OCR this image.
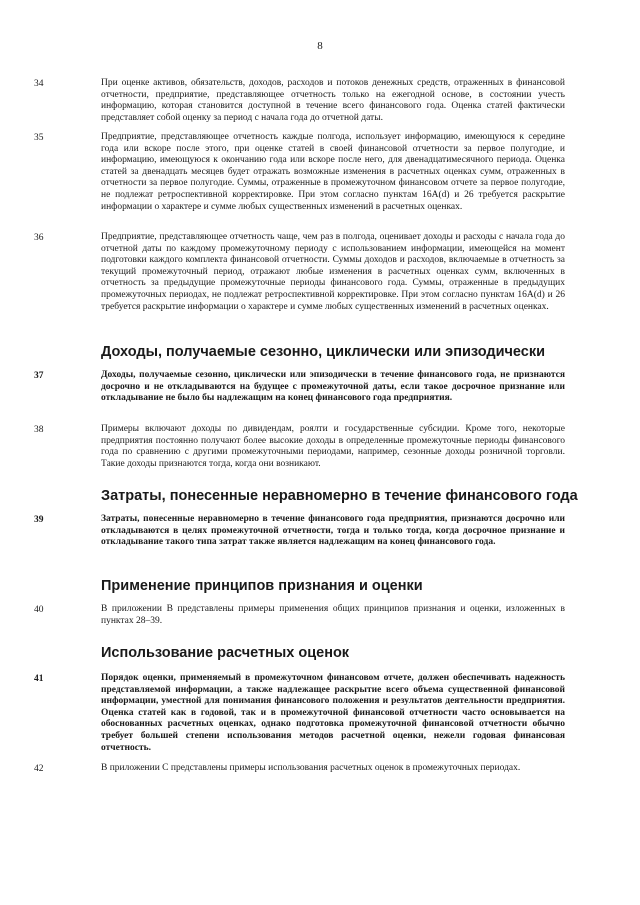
8
34	При оценке активов, обязательств, доходов, расходов и потоков денежных средств, отраженных в финансовой отчетности, предприятие, представляющее отчетность только на ежегодной основе, в состоянии учесть информацию, которая становится доступной в течение всего финансового года. Оценка статей фактически представляет собой оценку за период с начала года до отчетной даты.
35	Предприятие, представляющее отчетность каждые полгода, использует информацию, имеющуюся к середине года или вскоре после этого, при оценке статей в своей финансовой отчетности за первое полугодие, и информацию, имеющуюся к окончанию года или вскоре после него, для двенадцатимесячного периода. Оценка статей за двенадцать месяцев будет отражать возможные изменения в расчетных оценках сумм, отраженных в отчетности за первое полугодие. Суммы, отраженные в промежуточном финансовом отчете за первое полугодие, не подлежат ретроспективной корректировке. При этом согласно пунктам 16A(d) и 26 требуется раскрытие информации о характере и сумме любых существенных изменений в расчетных оценках.
36	Предприятие, представляющее отчетность чаще, чем раз в полгода, оценивает доходы и расходы с начала года до отчетной даты по каждому промежуточному периоду с использованием информации, имеющейся на момент подготовки каждого комплекта финансовой отчетности. Суммы доходов и расходов, включаемые в отчетность за текущий промежуточный период, отражают любые изменения в расчетных оценках сумм, включенных в отчетность за предыдущие промежуточные периоды финансового года. Суммы, отраженные в предыдущих промежуточных периодах, не подлежат ретроспективной корректировке. При этом согласно пунктам 16A(d) и 26 требуется раскрытие информации о характере и сумме любых существенных изменений в расчетных оценках.
Доходы, получаемые сезонно, циклически или эпизодически
37	Доходы, получаемые сезонно, циклически или эпизодически в течение финансового года, не признаются досрочно и не откладываются на будущее с промежуточной даты, если такое досрочное признание или откладывание не было бы надлежащим на конец финансового года предприятия.
38	Примеры включают доходы по дивидендам, роялти и государственные субсидии. Кроме того, некоторые предприятия постоянно получают более высокие доходы в определенные промежуточные периоды финансового года по сравнению с другими промежуточными периодами, например, сезонные доходы розничной торговли. Такие доходы признаются тогда, когда они возникают.
Затраты, понесенные неравномерно в течение финансового года
39	Затраты, понесенные неравномерно в течение финансового года предприятия, признаются досрочно или откладываются в целях промежуточной отчетности, тогда и только тогда, когда досрочное признание и откладывание такого типа затрат также является надлежащим на конец финансового года.
Применение принципов признания и оценки
40	В приложении В представлены примеры применения общих принципов признания и оценки, изложенных в пунктах 28–39.
Использование расчетных оценок
41	Порядок оценки, применяемый в промежуточном финансовом отчете, должен обеспечивать надежность представляемой информации, а также надлежащее раскрытие всего объема существенной финансовой информации, уместной для понимания финансового положения и результатов деятельности предприятия. Оценка статей как в годовой, так и в промежуточной финансовой отчетности часто основывается на обоснованных расчетных оценках, однако подготовка промежуточной финансовой отчетности обычно требует большей степени использования методов расчетной оценки, нежели годовая финансовая отчетность.
42	В приложении С представлены примеры использования расчетных оценок в промежуточных периодах.
